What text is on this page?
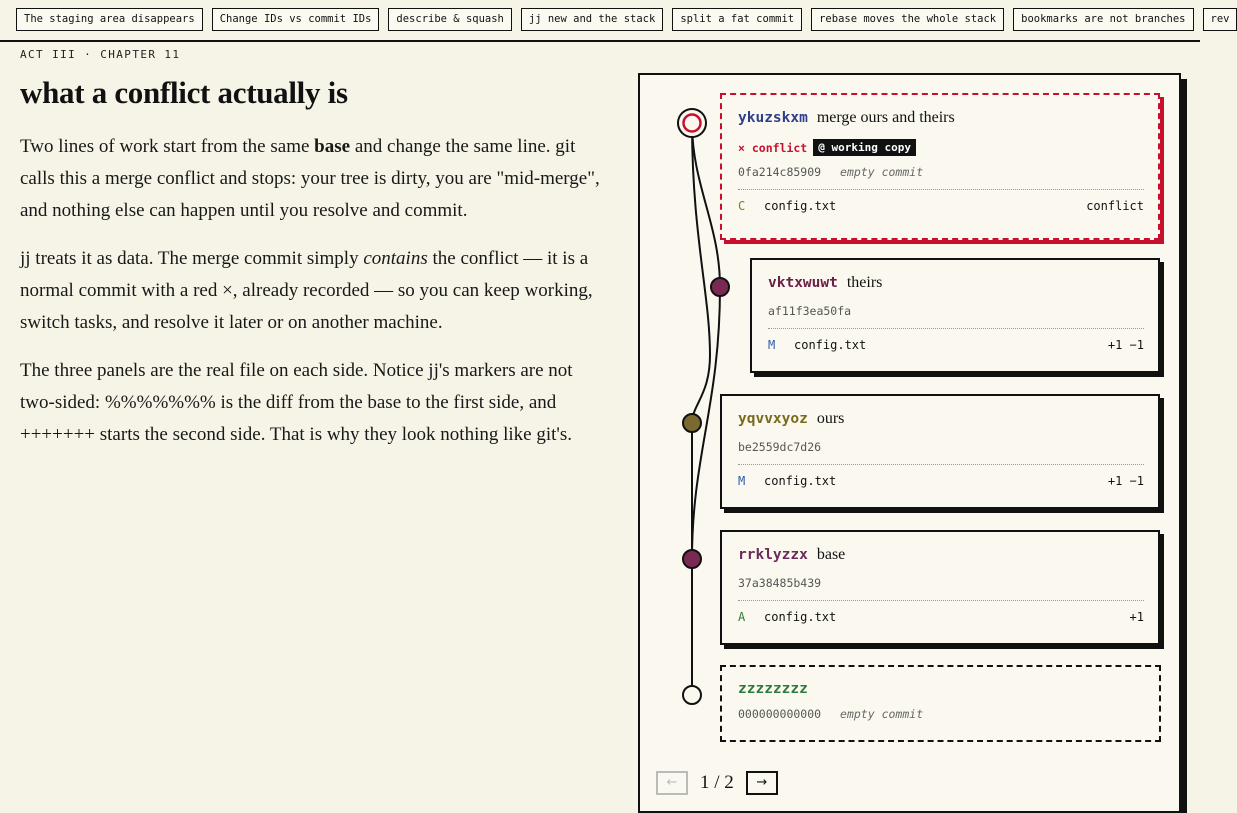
The staging area disappears	Change IDs vs commit IDs	describe & squash	jj new and the stack	split a fat commit	rebase moves the whole stack	bookmarks are not branches	rev
ACT III · CHAPTER 11
what a conflict actually is

Two lines of work start from the same base and change the same line. git calls this a merge conflict and stops: your tree is dirty, you are "mid-merge", and nothing else can happen until you resolve and commit.

jj treats it as data. The merge commit simply contains the conflict — it is a normal commit with a red ×, already recorded — so you can keep working, switch tasks, and resolve it later or on another machine.

The three panels are the real file on each side. Notice jj's markers are not two-sided: %%%%%%% is the diff from the base to the first side, and +++++++ starts the second side. That is why they look nothing like git's.

ykuzskxm merge ours and theirs
× conflict	@ working copy
0fa214c85909 empty commit
C	config.txt	conflict
vktxwuwt theirs
af11f3ea50fa
M	config.txt	+1 −1
yqvvxyoz ours
be2559dc7d26
M	config.txt	+1 −1
rrklyzzx base
37a38485b439
A	config.txt	+1
zzzzzzzz
000000000000 empty commit
←	1 / 2	→
